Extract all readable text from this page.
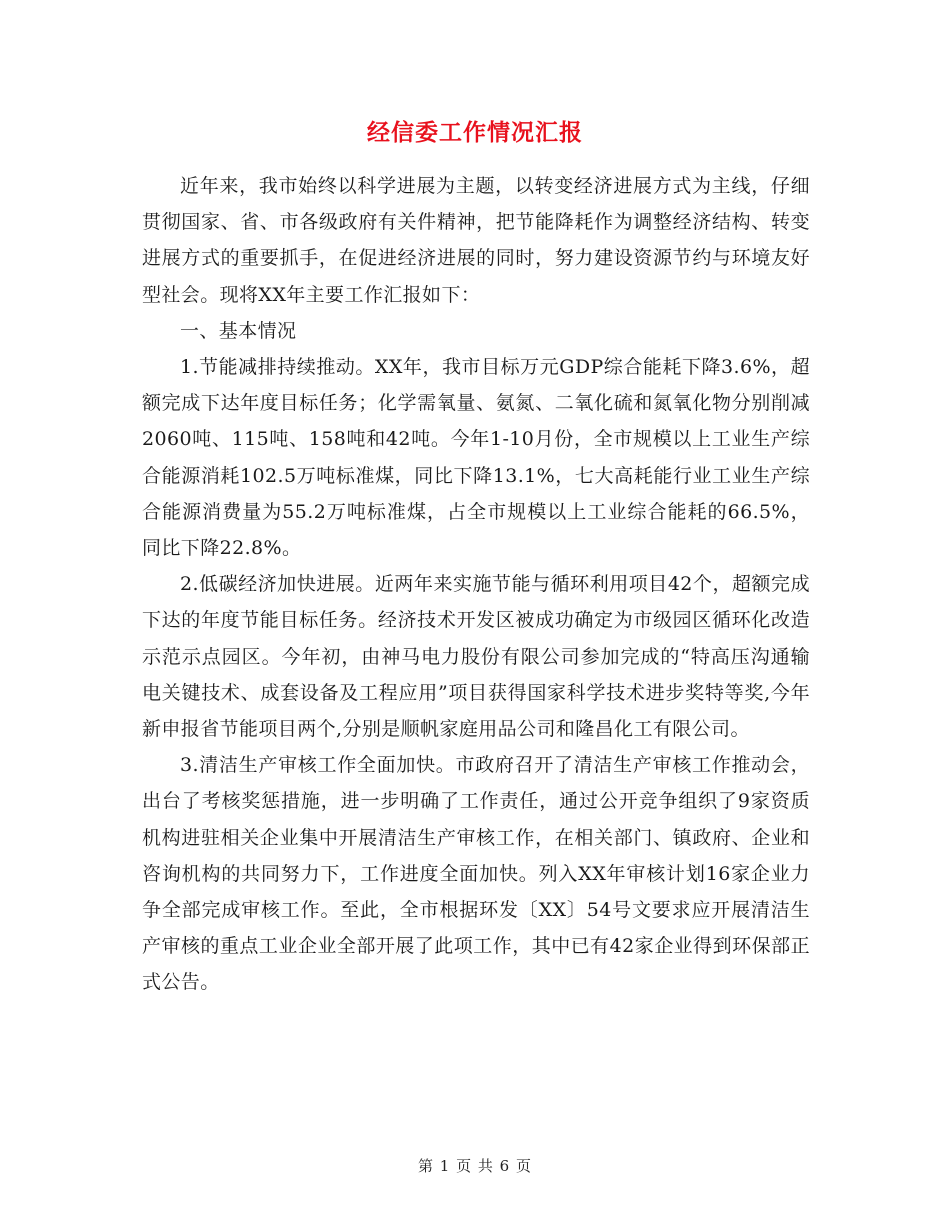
经信委工作情况汇报

近年来，我市始终以科学进展为主题，以转变经济进展方式为主线，仔细贯彻国家、省、市各级政府有关件精神，把节能降耗作为调整经济结构、转变进展方式的重要抓手，在促进经济进展的同时，努力建设资源节约与环境友好型社会。现将XX年主要工作汇报如下：

一、基本情况

1.节能减排持续推动。XX年，我市目标万元GDP综合能耗下降3.6%，超额完成下达年度目标任务；化学需氧量、氨氮、二氧化硫和氮氧化物分别削减2060吨、115吨、158吨和42吨。今年1-10月份，全市规模以上工业生产综合能源消耗102.5万吨标准煤，同比下降13.1%，七大高耗能行业工业生产综合能源消费量为55.2万吨标准煤，占全市规模以上工业综合能耗的66.5%，同比下降22.8%。

2.低碳经济加快进展。近两年来实施节能与循环利用项目42个，超额完成下达的年度节能目标任务。经济技术开发区被成功确定为市级园区循环化改造示范示点园区。今年初，由神马电力股份有限公司参加完成的“特高压沟通输电关键技术、成套设备及工程应用”项目获得国家科学技术进步奖特等奖,今年新申报省节能项目两个,分别是顺帆家庭用品公司和隆昌化工有限公司。

3.清洁生产审核工作全面加快。市政府召开了清洁生产审核工作推动会，出台了考核奖惩措施，进一步明确了工作责任，通过公开竞争组织了9家资质机构进驻相关企业集中开展清洁生产审核工作，在相关部门、镇政府、企业和咨询机构的共同努力下，工作进度全面加快。列入XX年审核计划16家企业力争全部完成审核工作。至此，全市根据环发〔XX〕54号文要求应开展清洁生产审核的重点工业企业全部开展了此项工作，其中已有42家企业得到环保部正式公告。

第 1 页 共 6 页
